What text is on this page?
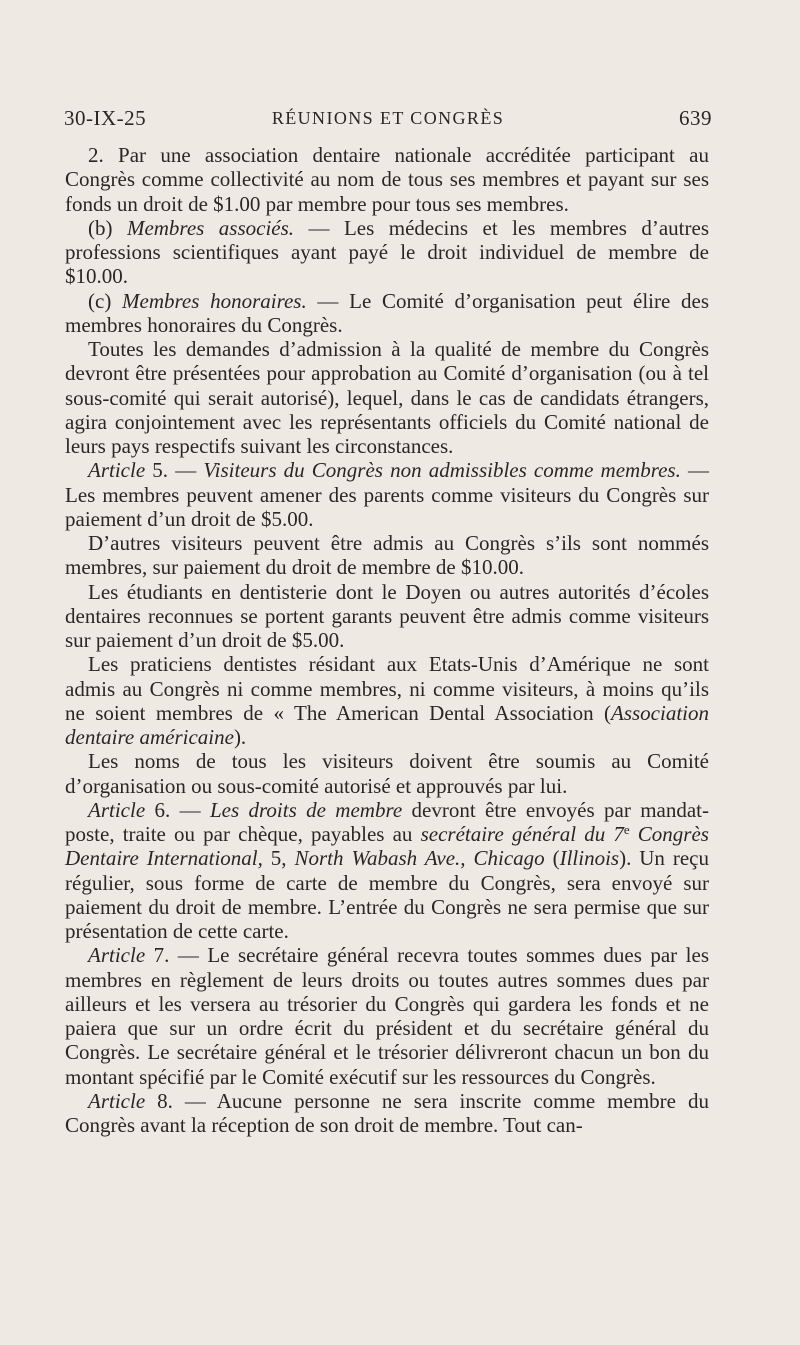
30-IX-25	RÉUNIONS ET CONGRÈS	639

2. Par une association dentaire nationale accréditée participant au Congrès comme collectivité au nom de tous ses membres et payant sur ses fonds un droit de $1.00 par membre pour tous ses membres.

(b) Membres associés. — Les médecins et les membres d’autres professions scientifiques ayant payé le droit individuel de membre de $10.00.

(c) Membres honoraires. — Le Comité d’organisation peut élire des membres honoraires du Congrès.

Toutes les demandes d’admission à la qualité de membre du Congrès devront être présentées pour approbation au Comité d’organisation (ou à tel sous-comité qui serait autorisé), lequel, dans le cas de candidats étrangers, agira conjointement avec les représentants officiels du Comité national de leurs pays respectifs suivant les circonstances.

Article 5. — Visiteurs du Congrès non admissibles comme membres. — Les membres peuvent amener des parents comme visiteurs du Congrès sur paiement d’un droit de $5.00.

D’autres visiteurs peuvent être admis au Congrès s’ils sont nommés membres, sur paiement du droit de membre de $10.00.

Les étudiants en dentisterie dont le Doyen ou autres autorités d’écoles dentaires reconnues se portent garants peuvent être admis comme visiteurs sur paiement d’un droit de $5.00.

Les praticiens dentistes résidant aux Etats-Unis d’Amérique ne sont admis au Congrès ni comme membres, ni comme visiteurs, à moins qu’ils ne soient membres de « The American Dental Association (Association dentaire américaine).

Les noms de tous les visiteurs doivent être soumis au Comité d’organisation ou sous-comité autorisé et approuvés par lui.

Article 6. — Les droits de membre devront être envoyés par mandat-poste, traite ou par chèque, payables au secrétaire général du 7e Congrès Dentaire International, 5, North Wabash Ave., Chicago (Illinois). Un reçu régulier, sous forme de carte de membre du Congrès, sera envoyé sur paiement du droit de membre. L’entrée du Congrès ne sera permise que sur présentation de cette carte.

Article 7. — Le secrétaire général recevra toutes sommes dues par les membres en règlement de leurs droits ou toutes autres sommes dues par ailleurs et les versera au trésorier du Congrès qui gardera les fonds et ne paiera que sur un ordre écrit du président et du secrétaire général du Congrès. Le secrétaire général et le trésorier délivreront chacun un bon du montant spécifié par le Comité exécutif sur les ressources du Congrès.

Article 8. — Aucune personne ne sera inscrite comme membre du Congrès avant la réception de son droit de membre. Tout can-
